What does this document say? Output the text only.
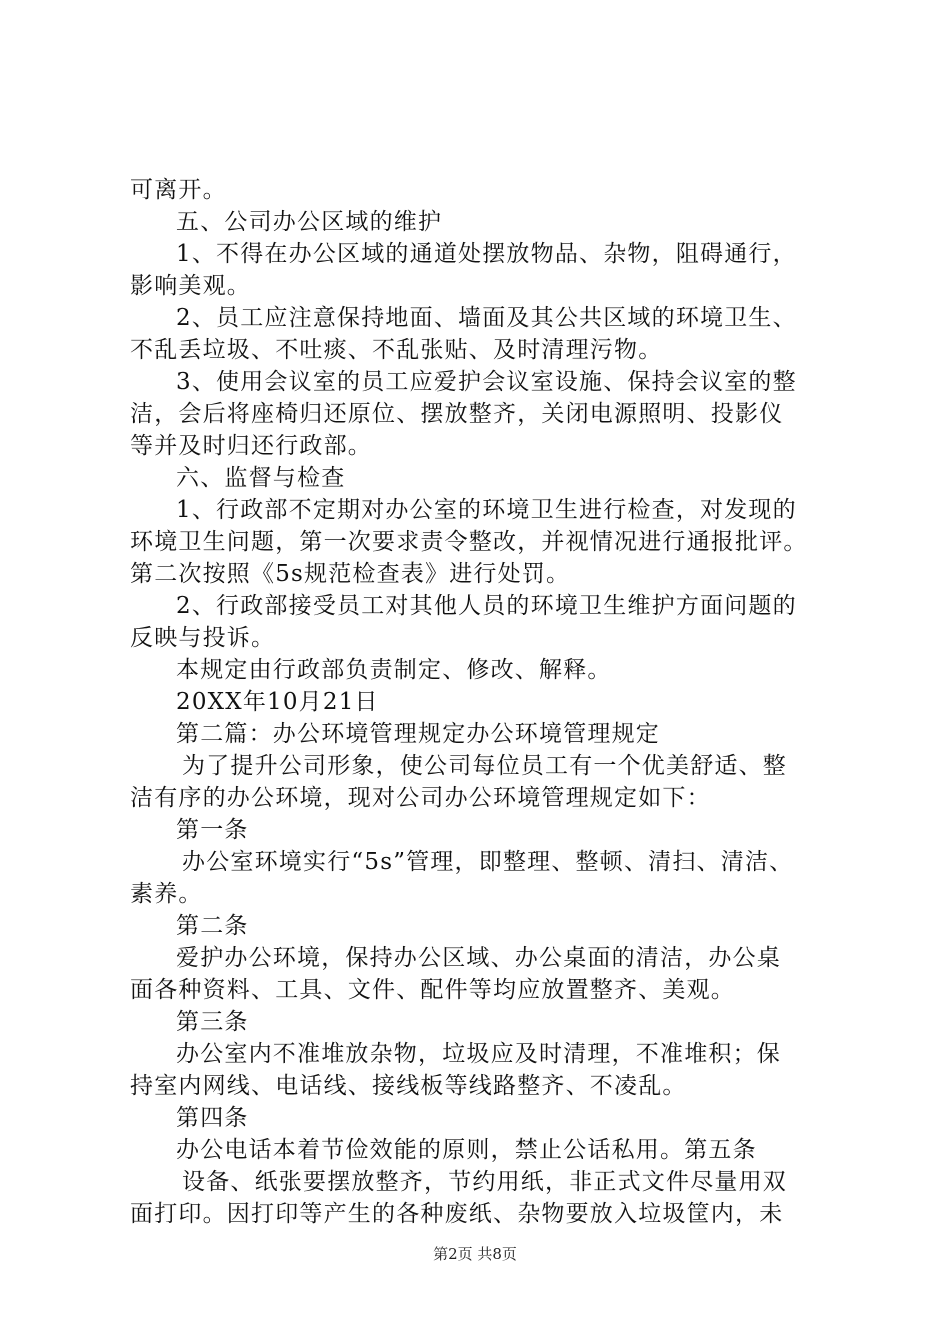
可离开。
五、公司办公区域的维护
1、不得在办公区域的通道处摆放物品、杂物，阻碍通行，
影响美观。
2、员工应注意保持地面、墙面及其公共区域的环境卫生、
不乱丢垃圾、不吐痰、不乱张贴、及时清理污物。
3、使用会议室的员工应爱护会议室设施、保持会议室的整
洁，会后将座椅归还原位、摆放整齐，关闭电源照明、投影仪
等并及时归还行政部。
六、监督与检查
1、行政部不定期对办公室的环境卫生进行检查，对发现的
环境卫生问题，第一次要求责令整改，并视情况进行通报批评。
第二次按照《5s规范检查表》进行处罚。
2、行政部接受员工对其他人员的环境卫生维护方面问题的
反映与投诉。
本规定由行政部负责制定、修改、解释。
20XX年10月21日
第二篇：办公环境管理规定办公环境管理规定
为了提升公司形象，使公司每位员工有一个优美舒适、整
洁有序的办公环境，现对公司办公环境管理规定如下：
第一条
办公室环境实行“5s”管理，即整理、整顿、清扫、清洁、
素养。
第二条
爱护办公环境，保持办公区域、办公桌面的清洁，办公桌
面各种资料、工具、文件、配件等均应放置整齐、美观。
第三条
办公室内不准堆放杂物，垃圾应及时清理，不准堆积；保
持室内网线、电话线、接线板等线路整齐、不凌乱。
第四条
办公电话本着节俭效能的原则，禁止公话私用。第五条
设备、纸张要摆放整齐，节约用纸，非正式文件尽量用双
面打印。因打印等产生的各种废纸、杂物要放入垃圾筐内，未
第2页 共8页
